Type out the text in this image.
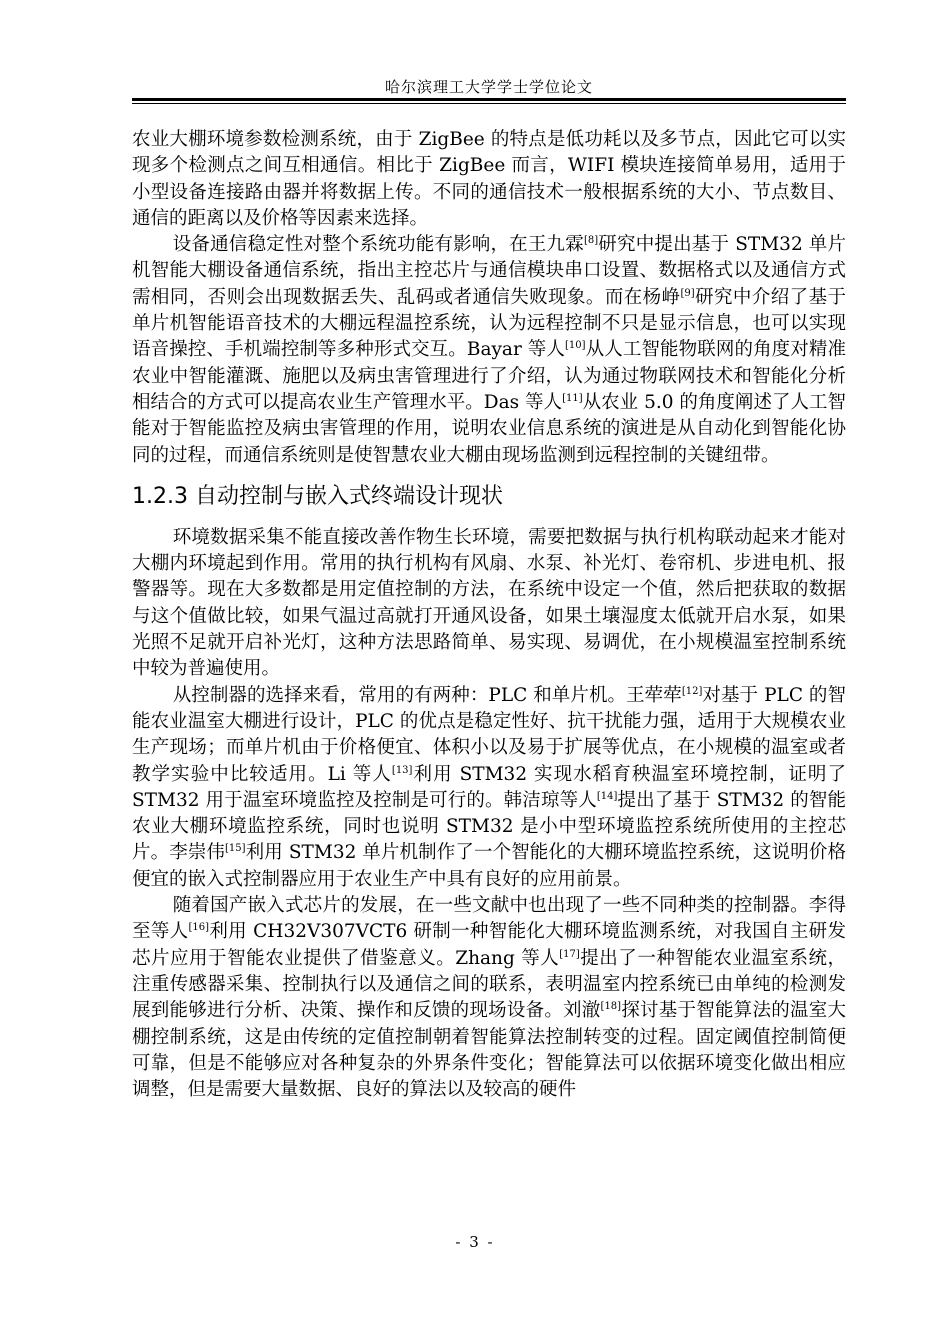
哈尔滨理工大学学士学位论文

农业大棚环境参数检测系统，由于 ZigBee 的特点是低功耗以及多节点，因此它可以实现多个检测点之间互相通信。相比于 ZigBee 而言，WIFI 模块连接简单易用，适用于小型设备连接路由器并将数据上传。不同的通信技术一般根据系统的大小、节点数目、通信的距离以及价格等因素来选择。

设备通信稳定性对整个系统功能有影响，在王九霖[8]研究中提出基于 STM32 单片机智能大棚设备通信系统，指出主控芯片与通信模块串口设置、数据格式以及通信方式需相同，否则会出现数据丢失、乱码或者通信失败现象。而在杨峥[9]研究中介绍了基于单片机智能语音技术的大棚远程温控系统，认为远程控制不只是显示信息，也可以实现语音操控、手机端控制等多种形式交互。Bayar 等人[10]从人工智能物联网的角度对精准农业中智能灌溉、施肥以及病虫害管理进行了介绍，认为通过物联网技术和智能化分析相结合的方式可以提高农业生产管理水平。Das 等人[11]从农业 5.0 的角度阐述了人工智能对于智能监控及病虫害管理的作用，说明农业信息系统的演进是从自动化到智能化协同的过程，而通信系统则是使智慧农业大棚由现场监测到远程控制的关键纽带。

1.2.3 自动控制与嵌入式终端设计现状

环境数据采集不能直接改善作物生长环境，需要把数据与执行机构联动起来才能对大棚内环境起到作用。常用的执行机构有风扇、水泵、补光灯、卷帘机、步进电机、报警器等。现在大多数都是用定值控制的方法，在系统中设定一个值，然后把获取的数据与这个值做比较，如果气温过高就打开通风设备，如果土壤湿度太低就开启水泵，如果光照不足就开启补光灯，这种方法思路简单、易实现、易调优，在小规模温室控制系统中较为普遍使用。

从控制器的选择来看，常用的有两种：PLC 和单片机。王荦荦[12]对基于 PLC 的智能农业温室大棚进行设计，PLC 的优点是稳定性好、抗干扰能力强，适用于大规模农业生产现场；而单片机由于价格便宜、体积小以及易于扩展等优点，在小规模的温室或者教学实验中比较适用。Li 等人[13]利用 STM32 实现水稻育秧温室环境控制，证明了 STM32 用于温室环境监控及控制是可行的。韩洁琼等人[14]提出了基于 STM32 的智能农业大棚环境监控系统，同时也说明 STM32 是小中型环境监控系统所使用的主控芯片。李崇伟[15]利用 STM32 单片机制作了一个智能化的大棚环境监控系统，这说明价格便宜的嵌入式控制器应用于农业生产中具有良好的应用前景。

随着国产嵌入式芯片的发展，在一些文献中也出现了一些不同种类的控制器。李得至等人[16]利用 CH32V307VCT6 研制一种智能化大棚环境监测系统，对我国自主研发芯片应用于智能农业提供了借鉴意义。Zhang 等人[17]提出了一种智能农业温室系统，注重传感器采集、控制执行以及通信之间的联系，表明温室内控系统已由单纯的检测发展到能够进行分析、决策、操作和反馈的现场设备。刘澈[18]探讨基于智能算法的温室大棚控制系统，这是由传统的定值控制朝着智能算法控制转变的过程。固定阈值控制简便可靠，但是不能够应对各种复杂的外界条件变化；智能算法可以依据环境变化做出相应调整，但是需要大量数据、良好的算法以及较高的硬件

- 3 -
